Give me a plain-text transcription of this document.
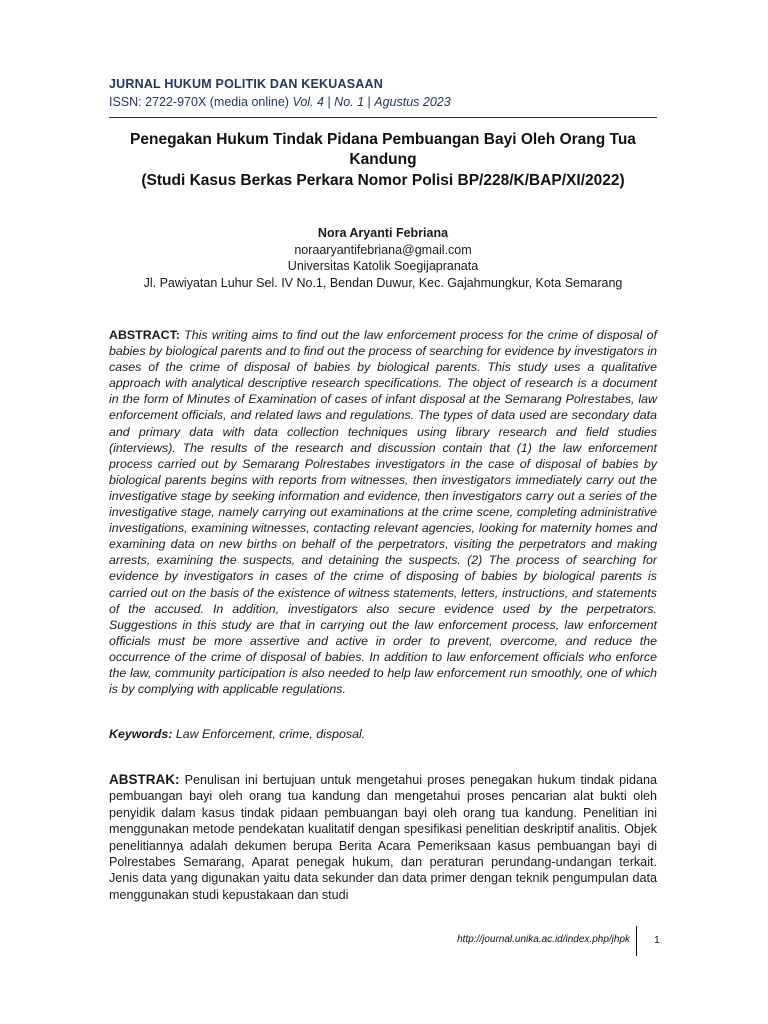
JURNAL HUKUM POLITIK DAN KEKUASAAN
ISSN: 2722-970X (media online) Vol. 4 | No. 1 | Agustus 2023
Penegakan Hukum Tindak Pidana Pembuangan Bayi Oleh Orang Tua Kandung
(Studi Kasus Berkas Perkara Nomor Polisi BP/228/K/BAP/XI/2022)
Nora Aryanti Febriana
noraaryantifebriana@gmail.com
Universitas Katolik Soegijapranata
Jl. Pawiyatan Luhur Sel. IV No.1, Bendan Duwur, Kec. Gajahmungkur, Kota Semarang
ABSTRACT: This writing aims to find out the law enforcement process for the crime of disposal of babies by biological parents and to find out the process of searching for evidence by investigators in cases of the crime of disposal of babies by biological parents. This study uses a qualitative approach with analytical descriptive research specifications. The object of research is a document in the form of Minutes of Examination of cases of infant disposal at the Semarang Polrestabes, law enforcement officials, and related laws and regulations. The types of data used are secondary data and primary data with data collection techniques using library research and field studies (interviews). The results of the research and discussion contain that (1) the law enforcement process carried out by Semarang Polrestabes investigators in the case of disposal of babies by biological parents begins with reports from witnesses, then investigators immediately carry out the investigative stage by seeking information and evidence, then investigators carry out a series of the investigative stage, namely carrying out examinations at the crime scene, completing administrative investigations, examining witnesses, contacting relevant agencies, looking for maternity homes and examining data on new births on behalf of the perpetrators, visiting the perpetrators and making arrests, examining the suspects, and detaining the suspects. (2) The process of searching for evidence by investigators in cases of the crime of disposing of babies by biological parents is carried out on the basis of the existence of witness statements, letters, instructions, and statements of the accused. In addition, investigators also secure evidence used by the perpetrators. Suggestions in this study are that in carrying out the law enforcement process, law enforcement officials must be more assertive and active in order to prevent, overcome, and reduce the occurrence of the crime of disposal of babies. In addition to law enforcement officials who enforce the law, community participation is also needed to help law enforcement run smoothly, one of which is by complying with applicable regulations.
Keywords: Law Enforcement, crime, disposal.
ABSTRAK: Penulisan ini bertujuan untuk mengetahui proses penegakan hukum tindak pidana pembuangan bayi oleh orang tua kandung dan mengetahui proses pencarian alat bukti oleh penyidik dalam kasus tindak pidaan pembuangan bayi oleh orang tua kandung. Penelitian ini menggunakan metode pendekatan kualitatif dengan spesifikasi penelitian deskriptif analitis. Objek penelitiannya adalah dekumen berupa Berita Acara Pemeriksaan kasus pembuangan bayi di Polrestabes Semarang, Aparat penegak hukum, dan peraturan perundang-undangan terkait. Jenis data yang digunakan yaitu data sekunder dan data primer dengan teknik pengumpulan data menggunakan studi kepustakaan dan studi
http://journal.unika.ac.id/index.php/jhpk 1
